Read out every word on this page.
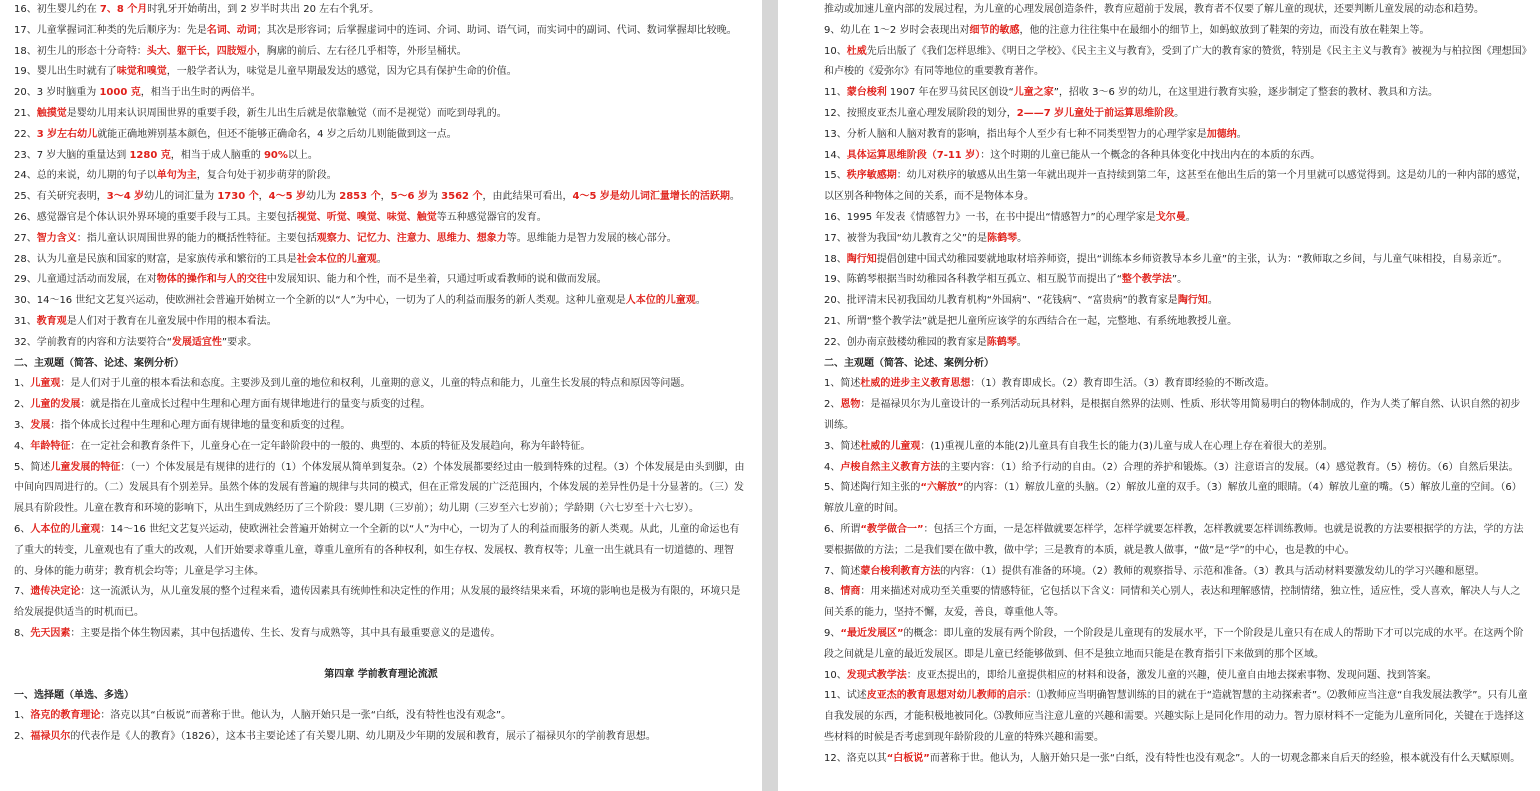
16、初生婴儿约在 7、8 个月时乳牙开始萌出，到 2 岁半时共出 20 左右个乳牙。

17、儿童掌握词汇种类的先后顺序为：先是名词、动词；其次是形容词；后掌握虚词中的连词、介词、助词、语气词，而实词中的副词、代词、数词掌握却比较晚。

18、初生儿的形态十分奇特：头大、躯干长，四肢短小，胸廓的前后、左右径几乎相等，外形呈桶状。

19、婴儿出生时就有了味觉和嗅觉，一般学者认为，味觉是儿童早期最发达的感觉，因为它具有保护生命的价值。

20、3 岁时脑重为 1000 克，相当于出生时的两倍半。

21、触摸觉是婴幼儿用来认识周围世界的重要手段，新生儿出生后就是依靠触觉（而不是视觉）而吃到母乳的。

22、3 岁左右幼儿就能正确地辨别基本颜色，但还不能够正确命名，4 岁之后幼儿则能做到这一点。

23、7 岁大脑的重量达到 1280 克，相当于成人脑重的 90%以上。

24、总的来说，幼儿期的句子以单句为主，复合句处于初步萌芽的阶段。

25、有关研究表明，3～4 岁幼儿的词汇量为 1730 个，4～5 岁幼儿为 2853 个，5～6 岁为 3562 个，由此结果可看出，4～5 岁是幼儿词汇量增长的活跃期。

26、感觉器官是个体认识外界环境的重要手段与工具。主要包括视觉、听觉、嗅觉、味觉、触觉等五种感觉器官的发育。

27、智力含义：指儿童认识周围世界的能力的概括性特征。主要包括观察力、记忆力、注意力、思维力、想象力等。思维能力是智力发展的核心部分。

28、认为儿童是民族和国家的财富，是家族传承和繁衍的工具是社会本位的儿童观。

29、儿童通过活动而发展，在对物体的操作和与人的交往中发展知识、能力和个性，而不是坐着，只通过听或看教师的说和做而发展。

30、14～16 世纪文艺复兴运动，使欧洲社会普遍开始树立一个全新的以“人”为中心，一切为了人的利益而服务的新人类观。这种儿童观是人本位的儿童观。

31、教育观是人们对于教育在儿童发展中作用的根本看法。

32、学前教育的内容和方法要符合“发展适宜性”要求。

二、主观题（简答、论述、案例分析）

1、儿童观：是人们对于儿童的根本看法和态度。主要涉及到儿童的地位和权利，儿童期的意义，儿童的特点和能力，儿童生长发展的特点和原因等问题。

2、儿童的发展：就是指在儿童成长过程中生理和心理方面有规律地进行的量变与质变的过程。

3、发展：指个体成长过程中生理和心理方面有规律地的量变和质变的过程。

4、年龄特征：在一定社会和教育条件下，儿童身心在一定年龄阶段中的一般的、典型的、本质的特征及发展趋向，称为年龄特征。

5、简述儿童发展的特征：（一）个体发展是有规律的进行的（1）个体发展从简单到复杂。（2）个体发展都要经过由一般到特殊的过程。（3）个体发展是由头到脚，由中间向四周进行的。（二）发展具有个别差异。虽然个体的发展有普遍的规律与共同的模式，但在正常发展的广泛范围内，个体发展的差异性仍是十分显著的。（三）发展具有阶段性。儿童在教育和环境的影响下，从出生到成熟经历了三个阶段：婴儿期（三岁前）；幼儿期（三岁至六七岁前）；学龄期（六七岁至十六七岁）。

6、人本位的儿童观：14～16 世纪文艺复兴运动，使欧洲社会普遍开始树立一个全新的以“人”为中心，一切为了人的利益而服务的新人类观。从此，儿童的命运也有了重大的转变，儿童观也有了重大的改观，人们开始要求尊重儿童，尊重儿童所有的各种权利，如生存权、发展权、教育权等；儿童一出生就具有一切道德的、理智的、身体的能力萌芽；教育机会均等；儿童是学习主体。

7、遗传决定论：这一流派认为，从儿童发展的整个过程来看，遗传因素具有统帅性和决定性的作用；从发展的最终结果来看，环境的影响也是极为有限的，环境只是给发展提供适当的时机而已。

8、先天因素：主要是指个体生物因素，其中包括遗传、生长、发育与成熟等，其中具有最重要意义的是遗传。

第四章 学前教育理论流派

一、选择题（单选、多选）

1、洛克的教育理论：洛克以其“白板说”而著称于世。他认为，人脑开始只是一张“白纸，没有特性也没有观念”。

2、福禄贝尔的代表作是《人的教育》（1826），这本书主要论述了有关婴儿期、幼儿期及少年期的发展和教育，展示了福禄贝尔的学前教育思想。

推动或加速儿童内部的发展过程，为儿童的心理发展创造条件，教育应超前于发展，教育者不仅要了解儿童的现状，还要判断儿童发展的动态和趋势。

9、幼儿在 1～2 岁时会表现出对细节的敏感，他的注意力往往集中在最细小的细节上，如蚂蚁放到了鞋架的旁边，而没有放在鞋架上等。

10、杜威先后出版了《我们怎样思维》、《明日之学校》、《民主主义与教育》，受到了广大的教育家的赞赏，特别是《民主主义与教育》被视为与柏拉图《理想国》和卢梭的《爱弥尔》有同等地位的重要教育著作。

11、蒙台梭利 1907 年在罗马贫民区创设“儿童之家”，招收 3～6 岁的幼儿，在这里进行教育实验，逐步制定了整套的教材、教具和方法。

12、按照皮亚杰儿童心理发展阶段的划分，2——7 岁儿童处于前运算思维阶段。

13、分析人脑和人脑对教育的影响，指出每个人至少有七种不同类型智力的心理学家是加德纳。

14、具体运算思维阶段（7-11 岁）：这个时期的儿童已能从一个概念的各种具体变化中找出内在的本质的东西。

15、秩序敏感期：幼儿对秩序的敏感从出生第一年就出现并一直持续到第二年，这甚至在他出生后的第一个月里就可以感觉得到。这是幼儿的一种内部的感觉，以区别各种物体之间的关系，而不是物体本身。

16、1995 年发表《情感智力》一书，在书中提出“情感智力”的心理学家是戈尔曼。

17、被誉为我国“幼儿教育之父”的是陈鹤琴。

18、陶行知提倡创建中国式幼稚园要就地取材培养师资，提出“训练本乡师资教导本乡儿童”的主张，认为：“教师取之乡间，与儿童气味相投，自易亲近”。

19、陈鹤琴根据当时幼稚园各科教学相互孤立、相互脱节而提出了“整个教学法”。

20、批评清末民初我国幼儿教育机构“外国病”、“花钱病”、“富贵病”的教育家是陶行知。

21、所谓“整个教学法”就是把儿童所应该学的东西结合在一起，完整地、有系统地教授儿童。

22、创办南京鼓楼幼稚园的教育家是陈鹤琴。

二、主观题（简答、论述、案例分析）

1、简述杜威的进步主义教育思想：（1）教育即成长。（2）教育即生活。（3）教育即经验的不断改造。

2、恩物：是福禄贝尔为儿童设计的一系列活动玩具材料，是根据自然界的法则、性质、形状等用简易明白的物体制成的，作为人类了解自然、认识自然的初步训练。

3、简述杜威的儿童观：(1)重视儿童的本能(2)儿童具有自我生长的能力(3)儿童与成人在心理上存在着很大的差别。

4、卢梭自然主义教育方法的主要内容：（1）给予行动的自由。（2）合理的养护和锻炼。（3）注意语言的发展。（4）感觉教育。（5）榜仿。（6）自然后果法。

5、简述陶行知主张的“六解放”的内容：（1）解放儿童的头脑。（2）解放儿童的双手。（3）解放儿童的眼睛。（4）解放儿童的嘴。（5）解放儿童的空间。（6）解放儿童的时间。

6、所谓“教学做合一”：包括三个方面，一是怎样做就要怎样学，怎样学就要怎样教，怎样教就要怎样训练教师。也就是说教的方法要根据学的方法，学的方法要根据做的方法；二是我们要在做中教，做中学；三是教育的本质，就是教人做事，“做”是“学”的中心，也是教的中心。

7、简述蒙台梭利教育方法的内容：（1）提供有准备的环境。（2）教师的观察指导、示范和准备。（3）教具与活动材料要激发幼儿的学习兴趣和愿望。

8、情商：用来描述对成功至关重要的情感特征，它包括以下含义：同情和关心别人，表达和理解感情，控制情绪，独立性，适应性，受人喜欢，解决人与人之间关系的能力，坚持不懈，友爱，善良，尊重他人等。

9、“最近发展区”的概念：即儿童的发展有两个阶段，一个阶段是儿童现有的发展水平，下一个阶段是儿童只有在成人的帮助下才可以完成的水平。在这两个阶段之间就是儿童的最近发展区。即是儿童已经能够做到、但不是独立地而只能是在教育指引下来做到的那个区域。

10、发现式教学法：皮亚杰提出的，即给儿童提供相应的材料和设备，激发儿童的兴趣，使儿童自由地去探索事物、发现问题、找到答案。

11、试述皮亚杰的教育思想对幼儿教师的启示：⑴教师应当明确智慧训练的目的就在于“造就智慧的主动探索者”。⑵教师应当注意“自我发展法教学”。只有儿童自我发展的东西，才能积极地被同化。⑶教师应当注意儿童的兴趣和需要。兴趣实际上是同化作用的动力。智力原材料不一定能为儿童所同化，关键在于选择这些材料的时候是否考虑到现年龄阶段的儿童的特殊兴趣和需要。

12、洛克以其“白板说”而著称于世。他认为，人脑开始只是一张“白纸，没有特性也没有观念”。人的一切观念都来自后天的经验，根本就没有什么天赋原则。
